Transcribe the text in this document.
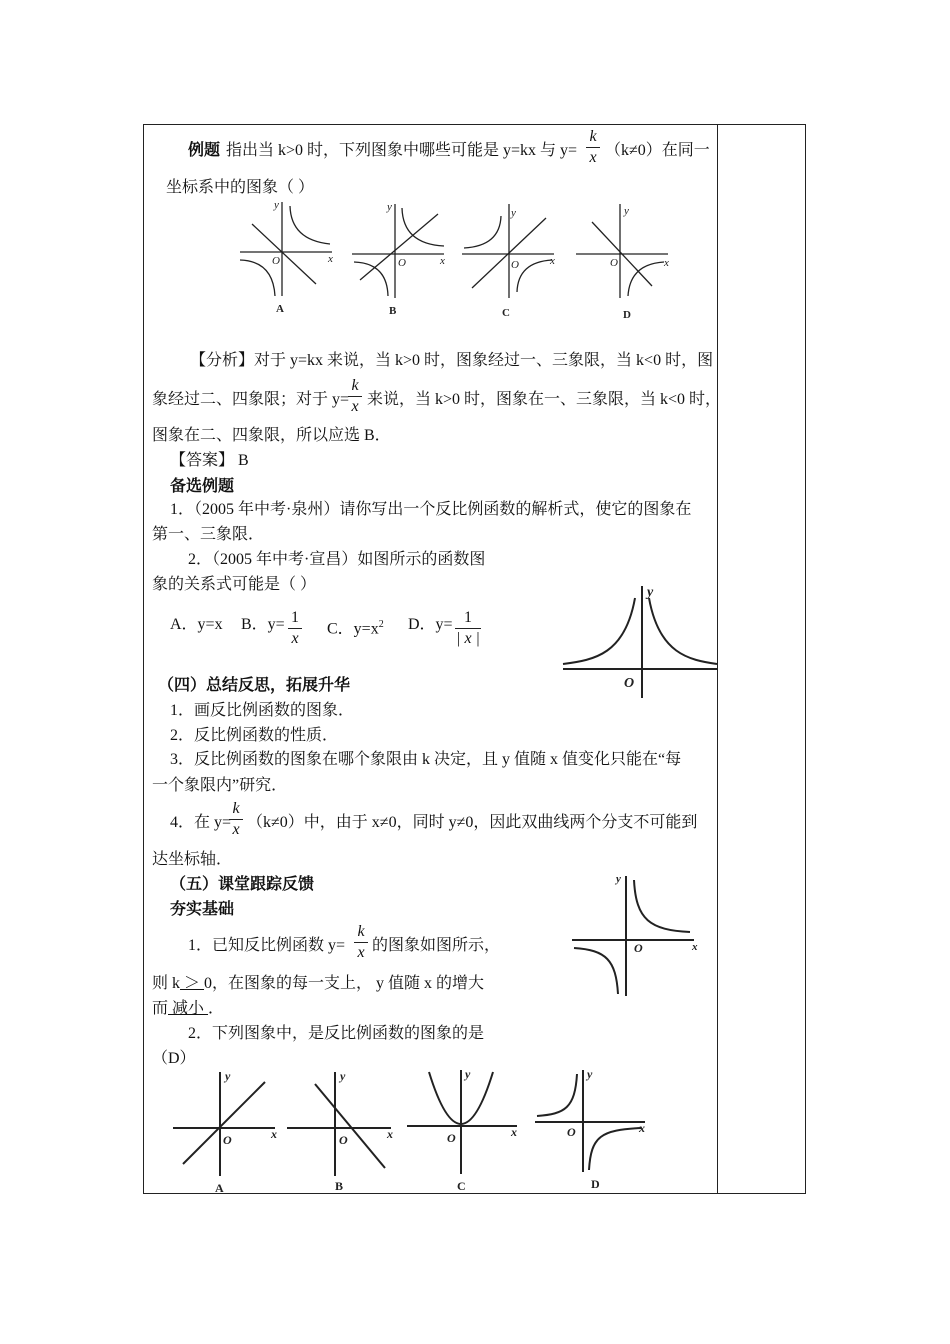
例题 指出当 k>0 时，下列图象中哪些可能是 y=kx 与 y=
k
x （k≠0）在同一
坐标系中的图象（ ）
y
x
O
y
x
O
y
x
O
y
x
O
A	B	C	D
【分析】对于 y=kx 来说，当 k>0 时，图象经过一、三象限，当 k<0 时，图
象经过二、四象限；对于 y=
k
x 来说，当 k>0 时，图象在一、三象限，当 k<0 时，
图象在二、四象限，所以应选 B．
【答案】 B
备选例题
1．（2005 年中考·泉州）请你写出一个反比例函数的解析式，使它的图象在
第一、三象限．
2．（2005 年中考·宣昌）如图所示的函数图
象的关系式可能是（ ）
A．y=x B．y= 1
x
C．$y=x^2$ D．y= 1
| x |
y
O
（四）总结反思，拓展升华
1．画反比例函数的图象．
2．反比例函数的性质．
3．反比例函数的图象在哪个象限由 k 决定，且 y 值随 x 值变化只能在“每
一个象限内”研究．
4．在 y=
k
x （k≠0）中，由于 x≠0，同时 y≠0，因此双曲线两个分支不可能到
达坐标轴．
（五）课堂跟踪反馈
夯实基础
1．已知反比例函数 y=
k
x 的图象如图所示，
则 k ＞ 0，在图象的每一支上， y 值随 x 的增大
而 减小 ．
y
O	x
2．下列图象中，是反比例函数的图象的是
（D）
y
x
O
y
x
O
y
x
O
y
x
O
A	B	C	D
